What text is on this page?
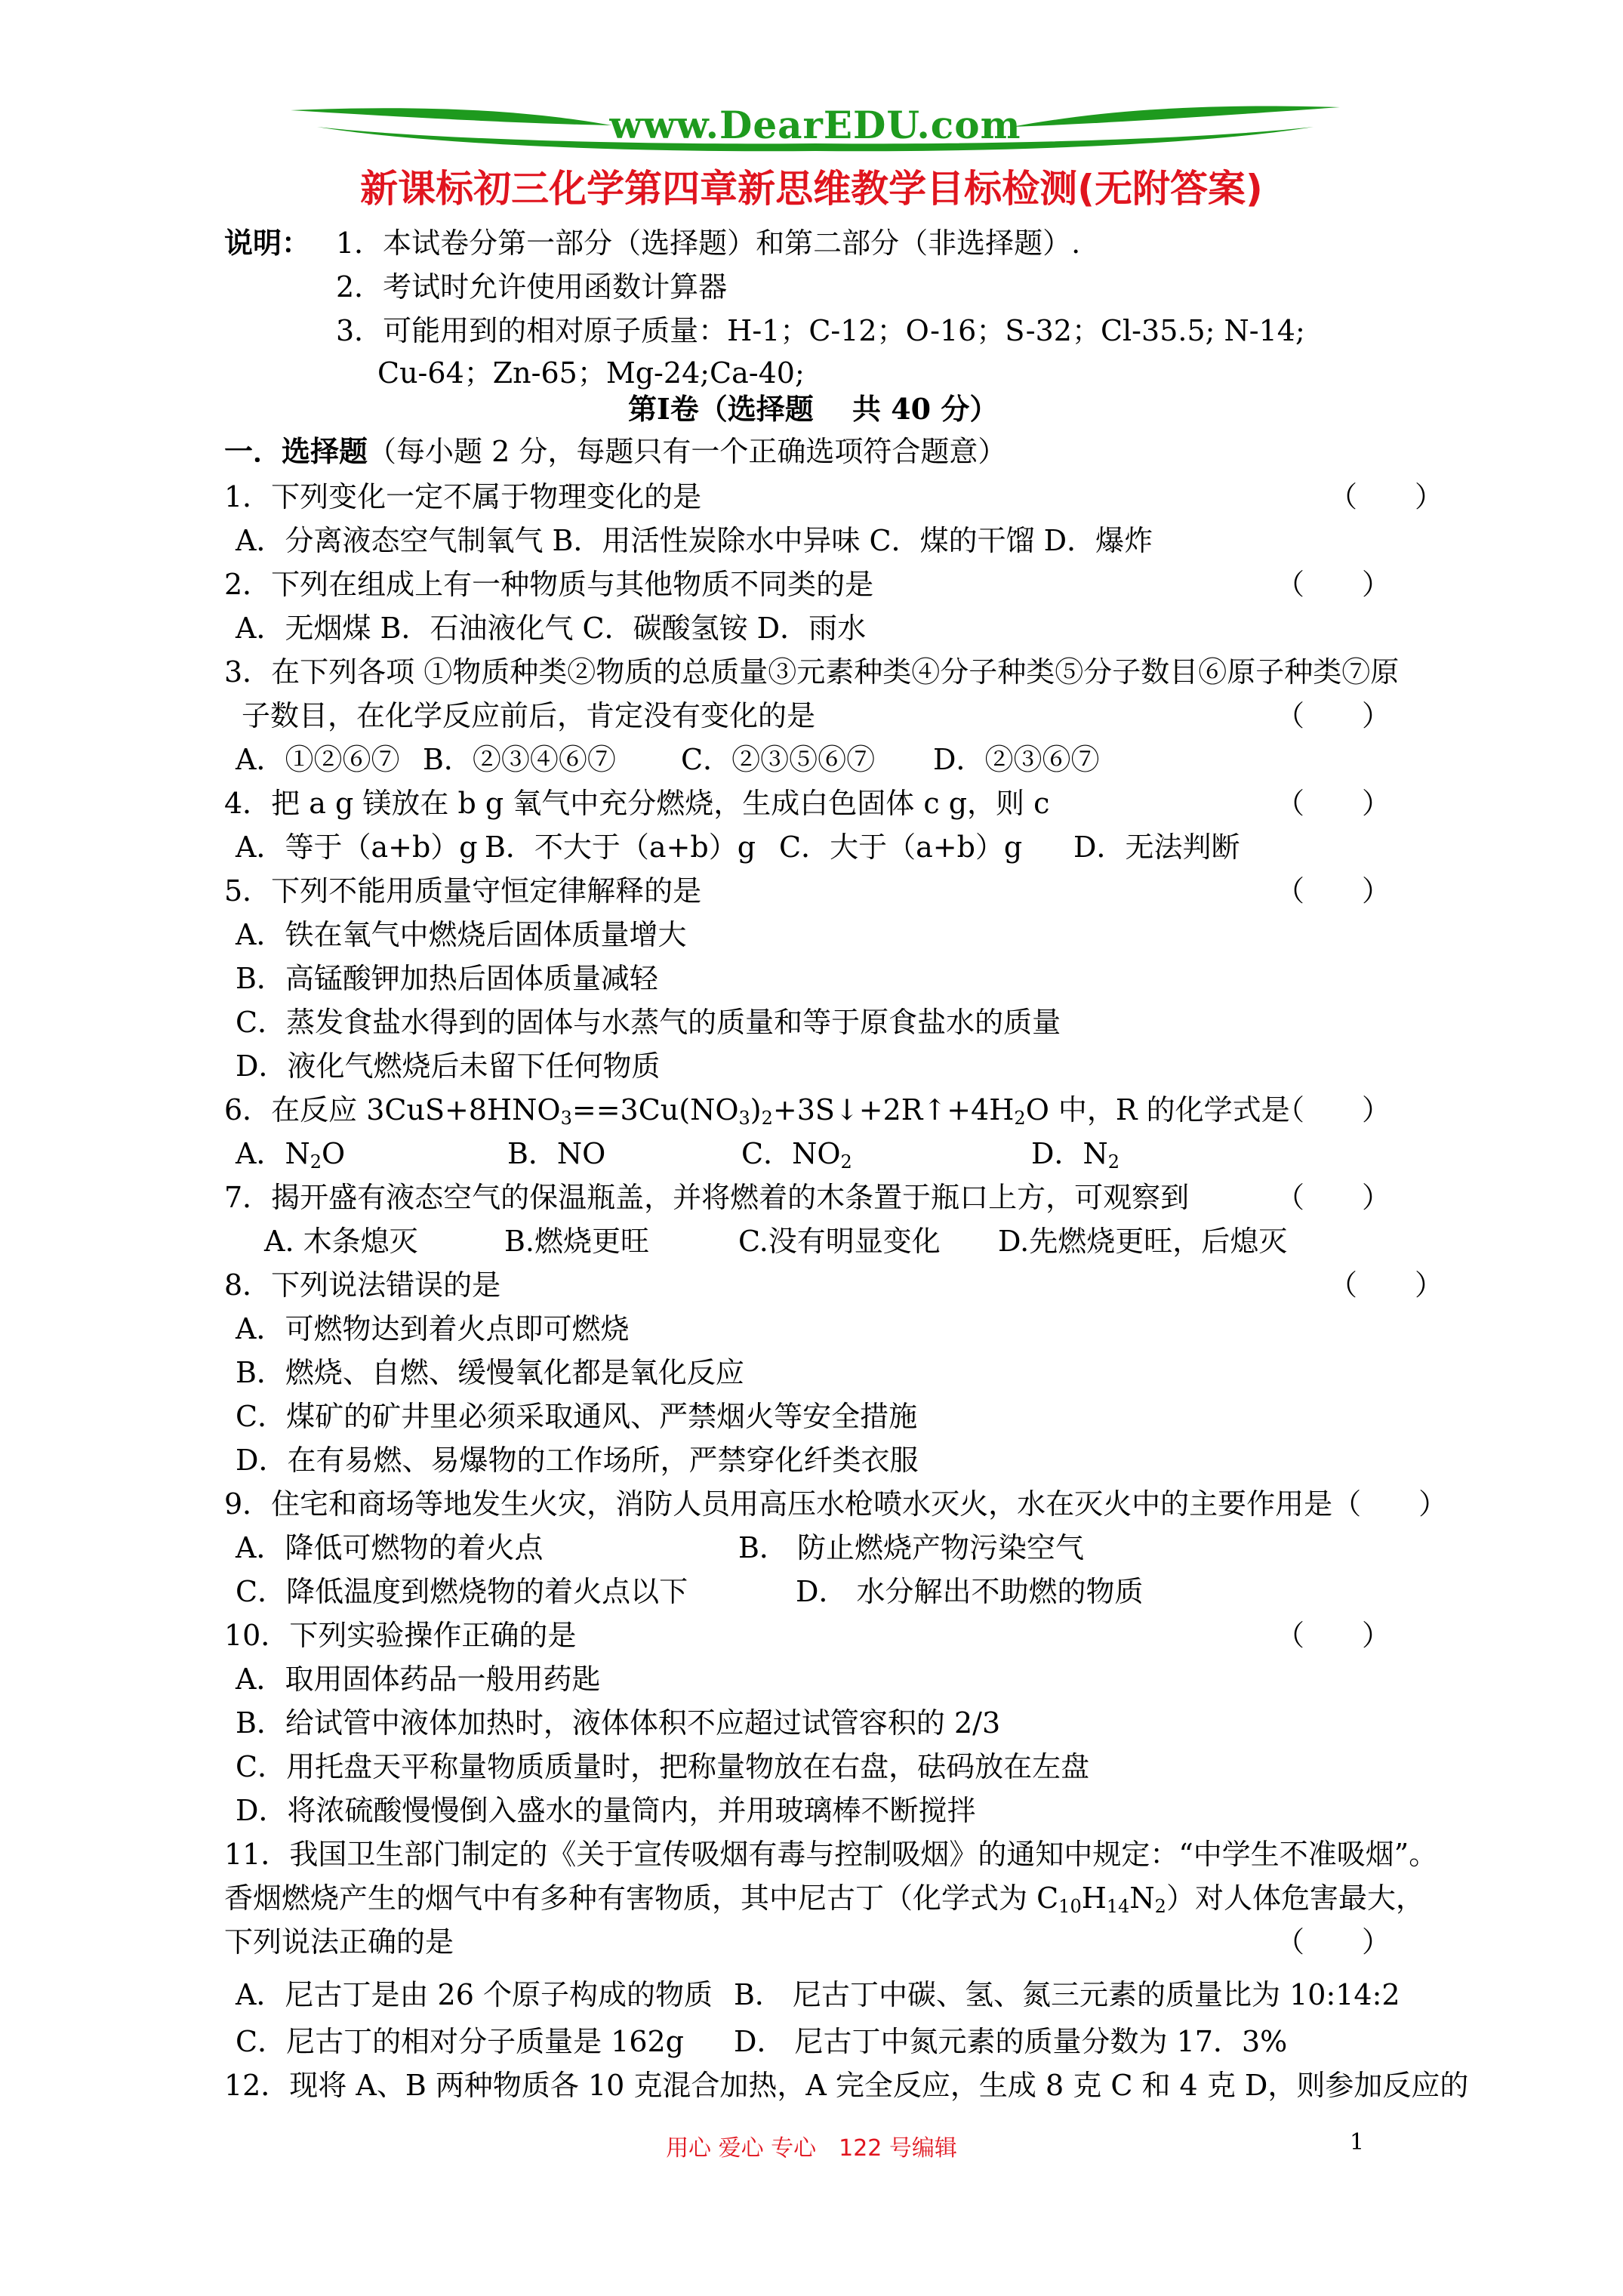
www.DearEDU.com
新课标初三化学第四章新思维教学目标检测(无附答案)
说明： 1．本试卷分第一部分（选择题）和第二部分（非选择题）.
2．考试时允许使用函数计算器
3．可能用到的相对原子质量：H-1；C-12；O-16；S-32；Cl-35.5; N-14;
Cu-64；Zn-65；Mg-24;Ca-40;
第Ⅰ卷（选择题　 共 40 分）
一．选择题（每小题 2 分，每题只有一个正确选项符合题意）
1．下列变化一定不属于物理变化的是	（　　）
A．分离液态空气制氧气 B．用活性炭除水中异味 C．煤的干馏 D．爆炸
2．下列在组成上有一种物质与其他物质不同类的是	（　　）
A．无烟煤 B．石油液化气 C．碳酸氢铵 D．雨水
3．在下列各项 ①物质种类②物质的总质量③元素种类④分子种类⑤分子数目⑥原子种类⑦原
子数目，在化学反应前后，肯定没有变化的是	（　　）
A．①②⑥⑦ B．②③④⑥⑦ C．②③⑤⑥⑦ D．②③⑥⑦
4．把 a g 镁放在 b g 氧气中充分燃烧，生成白色固体 c g，则 c	（　　）
A．等于（a+b）g B．不大于（a+b）g C．大于（a+b）g D．无法判断
5．下列不能用质量守恒定律解释的是	（　　）
A．铁在氧气中燃烧后固体质量增大
B．高锰酸钾加热后固体质量减轻
C．蒸发食盐水得到的固体与水蒸气的质量和等于原食盐水的质量
D．液化气燃烧后未留下任何物质
6．在反应 $3CuS+8HNO_3==3Cu(NO_3)_2+3S↓+2R↑+4H_2O$ 中，R 的化学式是
（　　）
A．$N_2O$	B．NO	C．$NO_2$	D．$N_2$
7．揭开盛有液态空气的保温瓶盖，并将燃着的木条置于瓶口上方，可观察到	（　　）
A. 木条熄灭	B.燃烧更旺	C.没有明显变化 D.先燃烧更旺，后熄灭
8．下列说法错误的是	（　　）
A．可燃物达到着火点即可燃烧
B．燃烧、自燃、缓慢氧化都是氧化反应
C．煤矿的矿井里必须采取通风、严禁烟火等安全措施
D．在有易燃、易爆物的工作场所，严禁穿化纤类衣服
9．住宅和商场等地发生火灾，消防人员用高压水枪喷水灭火，水在灭火中的主要作用是（　　）
A．降低可燃物的着火点	B． 防止燃烧产物污染空气
C．降低温度到燃烧物的着火点以下	D． 水分解出不助燃的物质
10．下列实验操作正确的是	（　　）
A．取用固体药品一般用药匙
B．给试管中液体加热时，液体体积不应超过试管容积的 2/3
C．用托盘天平称量物质质量时，把称量物放在右盘，砝码放在左盘
D．将浓硫酸慢慢倒入盛水的量筒内，并用玻璃棒不断搅拌
11．我国卫生部门制定的《关于宣传吸烟有毒与控制吸烟》的通知中规定：“中学生不准吸烟”。
香烟燃烧产生的烟气中有多种有害物质，其中尼古丁（化学式为 $C_{10}H_{14}N_2$）对人体危害最大，
下列说法正确的是	（　　）
A．尼古丁是由 26 个原子构成的物质 B． 尼古丁中碳、氢、氮三元素的质量比为 10:14:2
C．尼古丁的相对分子质量是 162g D． 尼古丁中氮元素的质量分数为 17．3%
12．现将 A、B 两种物质各 10 克混合加热，A 完全反应，生成 8 克 C 和 4 克 D，则参加反应的
用心 爱心 专心　122 号编辑	1
